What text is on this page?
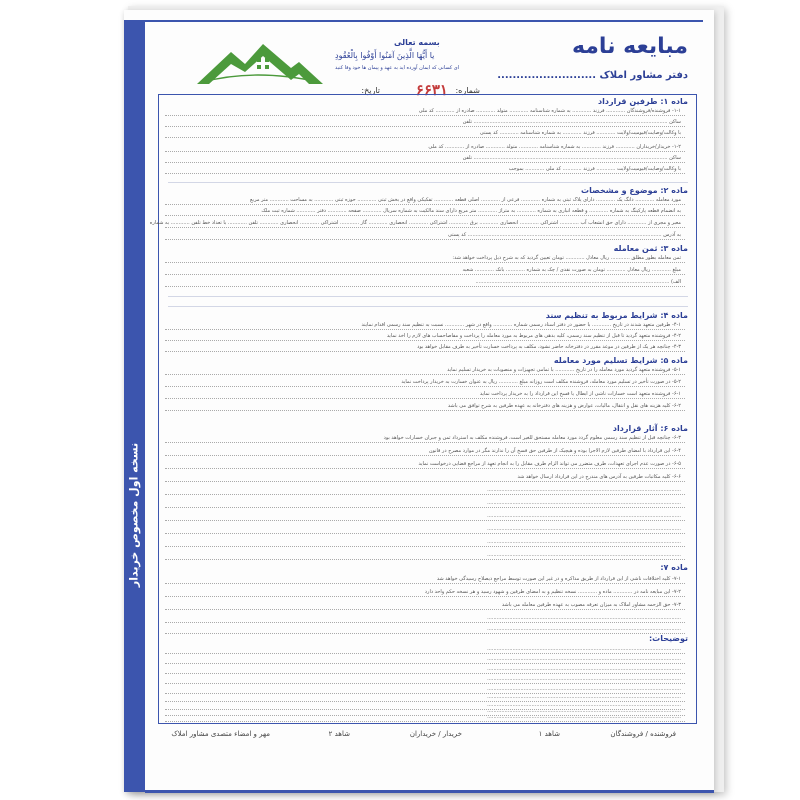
نسخه اول مخصوص خریدار
مبایعه نامه
دفتر مشاور املاک ..........................
بسمه تعالی
یا أَیُّهَا الَّذِینَ آمَنُوا أَوْفُوا بِالْعُقُودِ
ای کسانی که ایمان آورده اید به عهد و پیمان ها خود وفا کنید
شماره:
۶۶۳۱
تاریخ:
ماده ۱: طرفین قرارداد
۱-۱- فروشنده/فروشندگان ............ فرزند ............ به شماره شناسنامه ............ متولد ............ صادره از ............ کد ملی
ساکن .......................................................................................................................... تلفن
با وکالت/وصایت/قیومیت/ولایت ............ فرزند ............ به شماره شناسنامه ............ کد پستی
۱-۲- خریدار/خریداران ............ فرزند ............ به شماره شناسنامه ............ متولد ............ صادره از ............ کد ملی
ساکن .......................................................................................................................... تلفن
با وکالت/وصایت/قیومیت/ولایت ............ فرزند ............ کد ملی ............ بموجب
ماده ۲: موضوع و مشخصات
مورد معامله ............ دانگ یک ............ دارای پلاک ثبتی به شماره ............ فرعی از ............ اصلی قطعه ............ تفکیکی واقع در بخش ثبتی ............ حوزه ثبتی ............ به مساحت ............ متر مربع
به انضمام قطعه پارکینگ به شماره ............ و قطعه انباری به شماره ............ به متراژ ............ متر مربع دارای سند مالکیت به شماره سریال ............ صفحه ............ دفتر ............ شماره ثبت ملک
معبر و مجری از ............ دارای حق انشعاب آب ............ اشتراکی ............ انحصاری ............ برق ............ اشتراکی ............ انحصاری ............ گاز ............ اشتراکی ............ انحصاری ............ تلفن ............ با تعداد خط تلفن ............ به شماره
به آدرس .......................................................................................................................... کد پستی
ماده ۳: ثمن معامله
ثمن معامله بطور مطلق ............ ریال معادل ............ تومان تعیین گردید که به شرح ذیل پرداخت خواهد شد:
مبلغ ............ ریال معادل ............ تومان به صورت نقدی / چک به شماره ............ بانک ............ شعبه
الف) ..........................................................................................................................
ماده ۴: شرایط مربوط به تنظیم سند
۴-۱- طرفین متعهد شدند در تاریخ ............ با حضور در دفتر اسناد رسمی شماره ............ واقع در شهر ............ نسبت به تنظیم سند رسمی اقدام نمایند
۴-۲- فروشنده متعهد گردید تا قبل از تنظیم سند رسمی، کلیه بدهی های مربوط به مورد معامله را پرداخت و مفاصاحساب های لازم را اخذ نماید
۴-۳- چنانچه هر یک از طرفین در موعد مقرر در دفترخانه حاضر نشود، مکلف به پرداخت خسارت تأخیر به طرف مقابل خواهد بود
ماده ۵: شرایط تسلیم مورد معامله
۵-۱- فروشنده متعهد گردید مورد معامله را در تاریخ ............ با تمامی تجهیزات و منصوبات به خریدار تسلیم نماید
۵-۲- در صورت تأخیر در تسلیم مورد معامله، فروشنده مکلف است روزانه مبلغ ............ ریال به عنوان خسارت به خریدار پرداخت نماید
۶-۱- فروشنده متعهد است خسارات ناشی از ابطال یا فسخ این قرارداد را به خریدار پرداخت نماید
۶-۲- کلیه هزینه های نقل و انتقال، مالیات، عوارض و هزینه های دفترخانه به عهده طرفین به شرح توافق می باشد
ماده ۶: آثار قرارداد
۶-۳- چنانچه قبل از تنظیم سند رسمی معلوم گردد مورد معامله مستحق للغیر است، فروشنده مکلف به استرداد ثمن و جبران خسارات خواهد بود
۶-۴- این قرارداد با امضای طرفین لازم الاجرا بوده و هیچیک از طرفین حق فسخ آن را ندارند مگر در موارد مصرح در قانون
۶-۵- در صورت عدم اجرای تعهدات، طرف متضرر می تواند الزام طرف مقابل را به انجام تعهد از مراجع قضایی درخواست نماید
۶-۶- کلیه مکاتبات طرفین به آدرس های مندرج در این قرارداد ارسال خواهد شد
..........................................................................................................................
..........................................................................................................................
..........................................................................................................................
..........................................................................................................................
..........................................................................................................................
..........................................................................................................................
ماده ۷:
۷-۱- کلیه اختلافات ناشی از این قرارداد از طریق مذاکره و در غیر این صورت توسط مراجع ذیصلاح رسیدگی خواهد شد
۷-۲- این مبایعه نامه در ............ ماده و ............ نسخه تنظیم و به امضای طرفین و شهود رسید و هر نسخه حکم واحد دارد
۷-۳- حق الزحمه مشاور املاک به میزان تعرفه مصوب به عهده طرفین معامله می باشد
..........................................................................................................................
..........................................................................................................................
توضیحات:
..........................................................................................................................
..........................................................................................................................
..........................................................................................................................
..........................................................................................................................
..........................................................................................................................
..........................................................................................................................
..........................................................................................................................
..........................................................................................................................
..........................................................................................................................
فروشنده / فروشندگان
شاهد ۱
خریدار / خریداران
شاهد ۲
مهر و امضاء متصدی مشاور املاک
